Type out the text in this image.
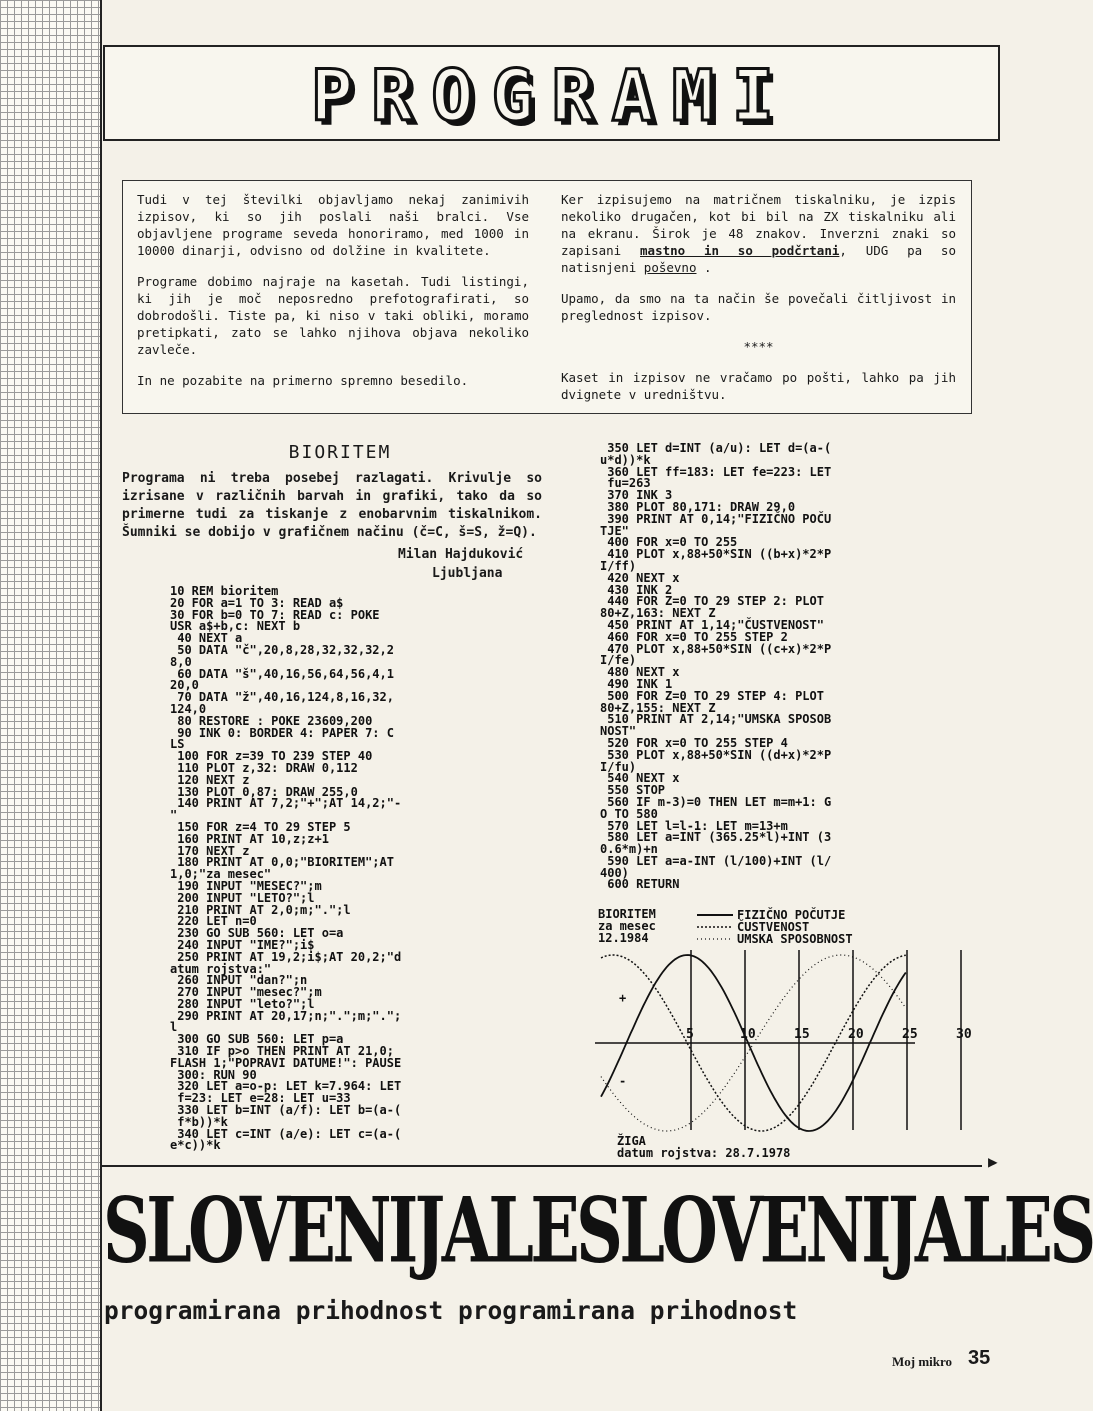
PROGRAMI

Tudi v tej številki objavljamo nekaj zanimivih izpisov, ki so jih poslali naši bralci. Vse objavljene programe seveda honoriramo, med 1000 in 10000 dinarji, odvisno od dolžine in kvalitete.

Programe dobimo najraje na kasetah. Tudi listingi, ki jih je moč neposredno prefotografirati, so dobrodošli. Tiste pa, ki niso v taki obliki, moramo pretipkati, zato se lahko njihova objava nekoliko zavleče.

In ne pozabite na primerno spremno besedilo.

Ker izpisujemo na matričnem tiskalniku, je izpis nekoliko drugačen, kot bi bil na ZX tiskalniku ali na ekranu. Širok je 48 znakov. Inverzni znaki so zapisani mastno in so podčrtani, UDG pa so natisnjeni poševno .

Upamo, da smo na ta način še povečali čitljivost in preglednost izpisov.

****

Kaset in izpisov ne vračamo po pošti, lahko pa jih dvignete v uredništvu.

BIORITEM
Programa ni treba posebej razlagati. Krivulje so izrisane v različnih barvah in grafiki, tako da so primerne tudi za tiskanje z enobarvnim tiskalnikom. Šumniki se dobijo v grafičnem načinu (č=C, š=S, ž=Q).
Milan Hajduković
Ljubljana
10 REM bioritem
20 FOR a=1 TO 3: READ a$
30 FOR b=0 TO 7: READ c: POKE
USR a$+b,c: NEXT b
40 NEXT a
50 DATA "č",20,8,28,32,32,32,2
8,0
60 DATA "š",40,16,56,64,56,4,1
20,0
70 DATA "ž",40,16,124,8,16,32,
124,0
80 RESTORE : POKE 23609,200
90 INK 0: BORDER 4: PAPER 7: C
LS
100 FOR z=39 TO 239 STEP 40
110 PLOT z,32: DRAW 0,112
120 NEXT z
130 PLOT 0,87: DRAW 255,0
140 PRINT AT 7,2;"+";AT 14,2;"-
"
150 FOR z=4 TO 29 STEP 5
160 PRINT AT 10,z;z+1
170 NEXT z
180 PRINT AT 0,0;"BIORITEM";AT
1,0;"za mesec"
190 INPUT "MESEC?";m
200 INPUT "LETO?";l
210 PRINT AT 2,0;m;".";l
220 LET n=0
230 GO SUB 560: LET o=a
240 INPUT "IME?";i$
250 PRINT AT 19,2;i$;AT 20,2;"d
atum rojstva:"
260 INPUT "dan?";n
270 INPUT "mesec?";m
280 INPUT "leto?";l
290 PRINT AT 20,17;n;".";m;".";
l
300 GO SUB 560: LET p=a
310 IF p>o THEN PRINT AT 21,0;
FLASH 1;"POPRAVI DATUME!": PAUSE
300: RUN 90
320 LET a=o-p: LET k=7.964: LET
f=23: LET e=28: LET u=33
330 LET b=INT (a/f): LET b=(a-(
f*b))*k
340 LET c=INT (a/e): LET c=(a-(
e*c))*k
350 LET d=INT (a/u): LET d=(a-(
u*d))*k
360 LET ff=183: LET fe=223: LET
fu=263
370 INK 3
380 PLOT 80,171: DRAW 29,0
390 PRINT AT 0,14;"FIZIČNO POČU
TJE"
400 FOR x=0 TO 255
410 PLOT x,88+50*SIN ((b+x)*2*P
I/ff)
420 NEXT x
430 INK 2
440 FOR Z=0 TO 29 STEP 2: PLOT
80+Z,163: NEXT Z
450 PRINT AT 1,14;"ČUSTVENOST"
460 FOR x=0 TO 255 STEP 2
470 PLOT x,88+50*SIN ((c+x)*2*P
I/fe)
480 NEXT x
490 INK 1
500 FOR Z=0 TO 29 STEP 4: PLOT
80+Z,155: NEXT Z
510 PRINT AT 2,14;"UMSKA SPOSOB
NOST"
520 FOR x=0 TO 255 STEP 4
530 PLOT x,88+50*SIN ((d+x)*2*P
I/fu)
540 NEXT x
550 STOP
560 IF m-3)=0 THEN LET m=m+1: G
O TO 580
570 LET l=l-1: LET m=13+m
580 LET a=INT (365.25*l)+INT (3
0.6*m)+n
590 LET a=a-INT (l/100)+INT (l/
400)
600 RETURN
BIORITEM
za mesec
12.1984
FIZIČNO POČUTJE
ČUSTVENOST
UMSKA SPOSOBNOST
+
-
5	10	15	20	25	30
ŽIGA
datum rojstva: 28.7.1978	▶
SLOVENIJALESLOVENIJALES
programirana prihodnost programirana prihodnost
Moj mikro 35
